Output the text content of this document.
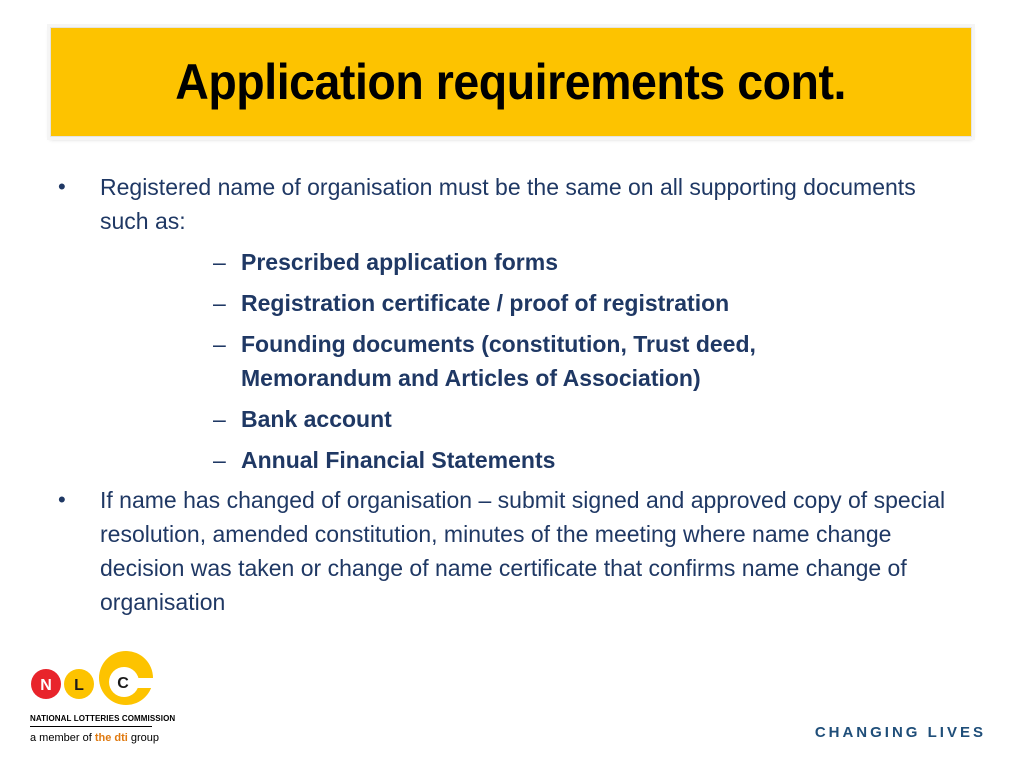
Application requirements cont.
• Registered name of organisation must be the same on all supporting documents such as:
– Prescribed application forms
– Registration certificate / proof of registration
– Founding documents (constitution, Trust deed, Memorandum and Articles of Association)
– Bank account
– Annual Financial Statements
• If name has changed of organisation – submit signed and approved copy of special resolution, amended constitution, minutes of the meeting where name change decision was taken or change of name certificate that confirms name change of organisation
N L C
NATIONAL LOTTERIES COMMISSION
a member of the dti group	CHANGING LIVES
